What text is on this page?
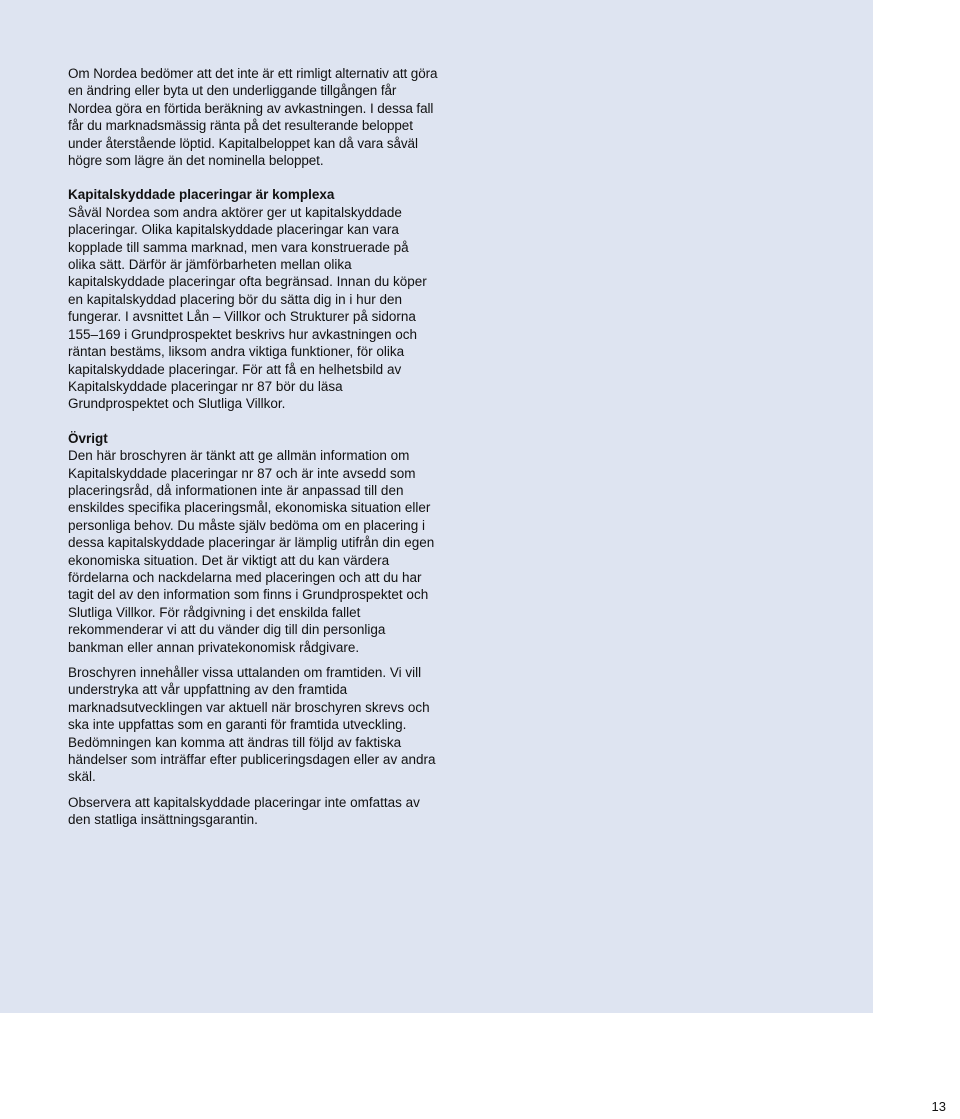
Om Nordea bedömer att det inte är ett rimligt alternativ att göra en ändring eller byta ut den underliggande tillgången får Nordea göra en förtida beräkning av avkastningen. I dessa fall får du marknadsmässig ränta på det resulterande beloppet under återstående löptid. Kapitalbeloppet kan då vara såväl högre som lägre än det nominella beloppet.

Kapitalskyddade placeringar är komplexa

Såväl Nordea som andra aktörer ger ut kapitalskyddade placeringar. Olika kapitalskyddade placeringar kan vara kopplade till samma marknad, men vara konstruerade på olika sätt. Därför är jämförbarheten mellan olika kapitalskyddade placeringar ofta begränsad. Innan du köper en kapitalskyddad placering bör du sätta dig in i hur den fungerar. I avsnittet Lån – Villkor och Strukturer på sidorna 155–169 i Grundprospektet beskrivs hur avkastningen och räntan bestäms, liksom andra viktiga funktioner, för olika kapitalskyddade placeringar. För att få en helhetsbild av Kapitalskyddade placeringar nr 87 bör du läsa Grundprospektet och Slutliga Villkor.

Övrigt

Den här broschyren är tänkt att ge allmän information om Kapitalskyddade placeringar nr 87 och är inte avsedd som placeringsråd, då informationen inte är anpassad till den enskildes specifika placeringsmål, ekonomiska situation eller personliga behov. Du måste själv bedöma om en placering i dessa kapitalskyddade placeringar är lämplig utifrån din egen ekonomiska situation. Det är viktigt att du kan värdera fördelarna och nackdelarna med placeringen och att du har tagit del av den information som finns i Grundprospektet och Slutliga Villkor. För rådgivning i det enskilda fallet rekommenderar vi att du vänder dig till din personliga bankman eller annan privatekonomisk rådgivare.

Broschyren innehåller vissa uttalanden om framtiden. Vi vill understryka att vår uppfattning av den framtida marknadsutvecklingen var aktuell när broschyren skrevs och ska inte uppfattas som en garanti för framtida utveckling. Bedömningen kan komma att ändras till följd av faktiska händelser som inträffar efter publiceringsdagen eller av andra skäl.

Observera att kapitalskyddade placeringar inte omfattas av den statliga insättningsgarantin.

13
